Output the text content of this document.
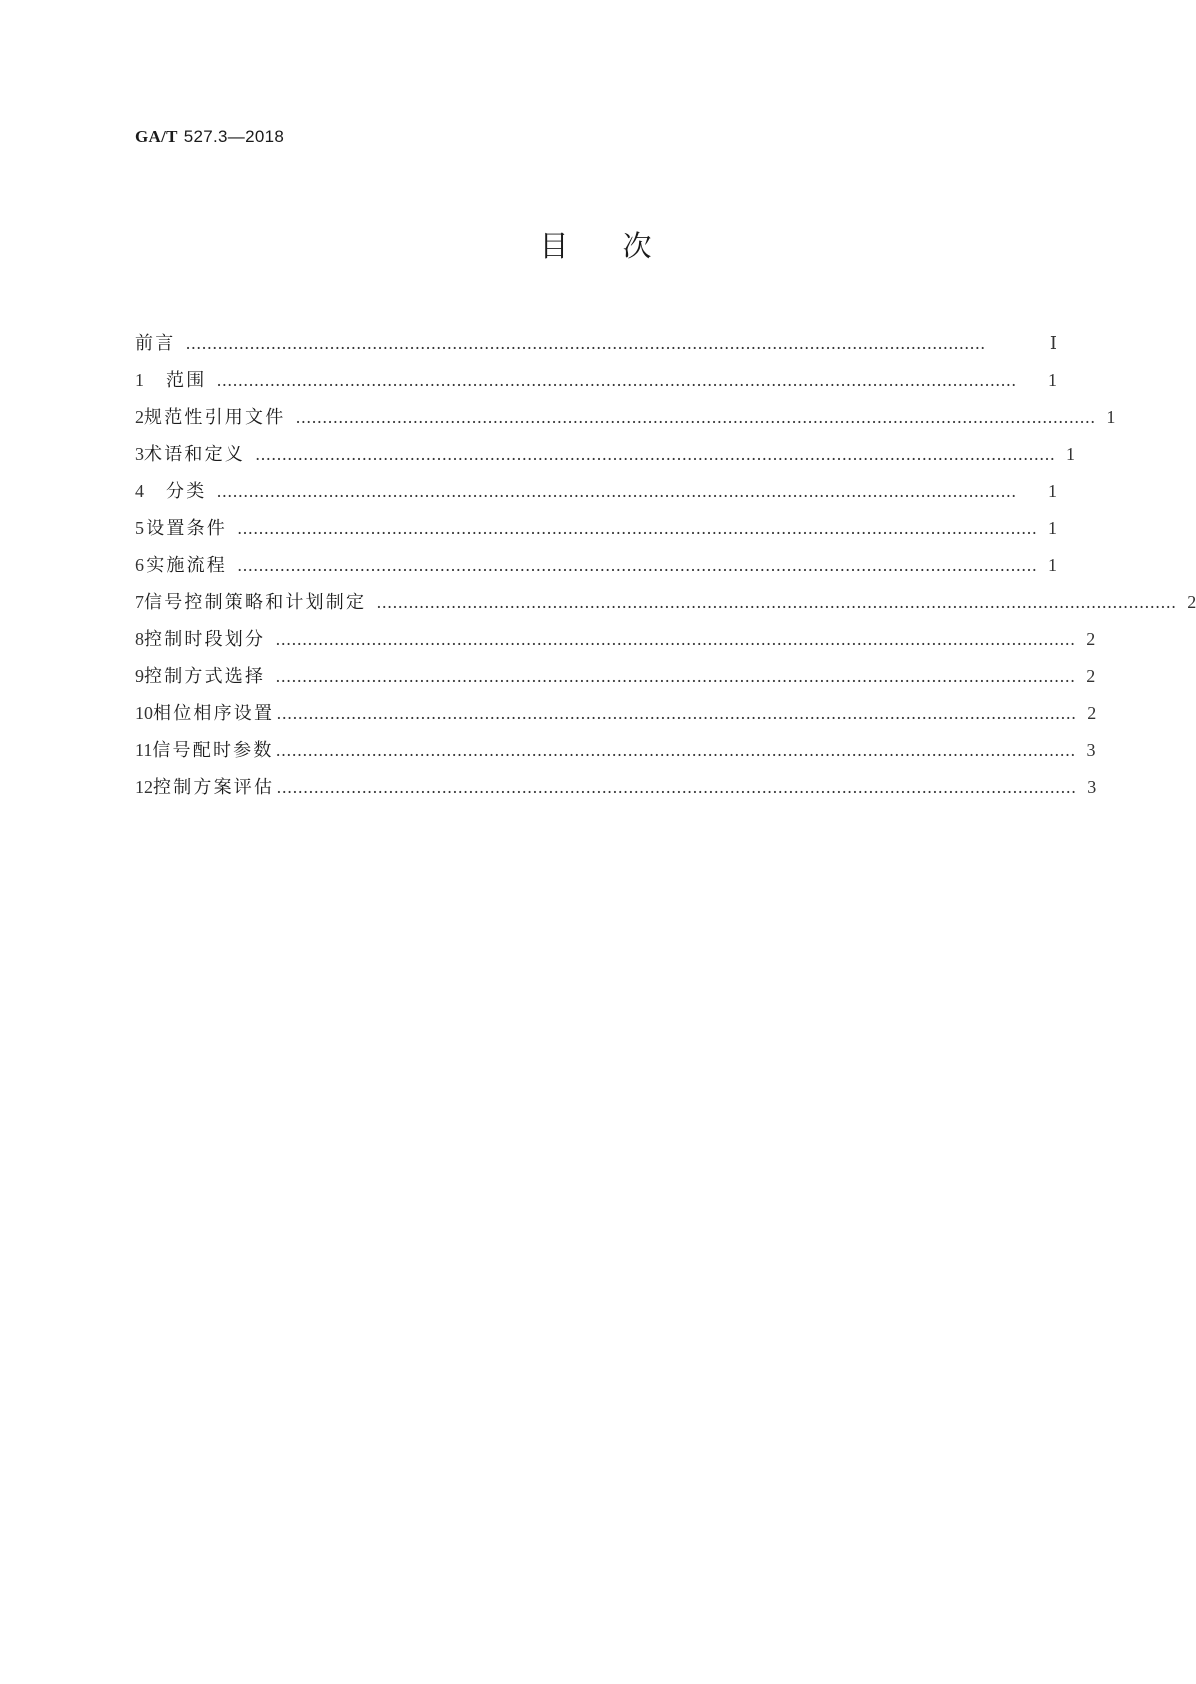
GA/T 527.3—2018
目次
前言 ……………………………………………………………………………………………………………………………………	Ⅰ
1	范围 ……………………………………………………………………………………………………………………………………	1
2 规范性引用文件 …………………………………………………………………………………………………………………………………… 1
3 术语和定义 …………………………………………………………………………………………………………………………………… 1
4	分类 ……………………………………………………………………………………………………………………………………	1
5 设置条件 …………………………………………………………………………………………………………………………………… 1
6 实施流程 …………………………………………………………………………………………………………………………………… 1
7 信号控制策略和计划制定 …………………………………………………………………………………………………………………………………… 2
8 控制时段划分 …………………………………………………………………………………………………………………………………… 2
9 控制方式选择 …………………………………………………………………………………………………………………………………… 2
10 相位相序设置 …………………………………………………………………………………………………………………………………… 2
11 信号配时参数 …………………………………………………………………………………………………………………………………… 3
12 控制方案评估 …………………………………………………………………………………………………………………………………… 3
